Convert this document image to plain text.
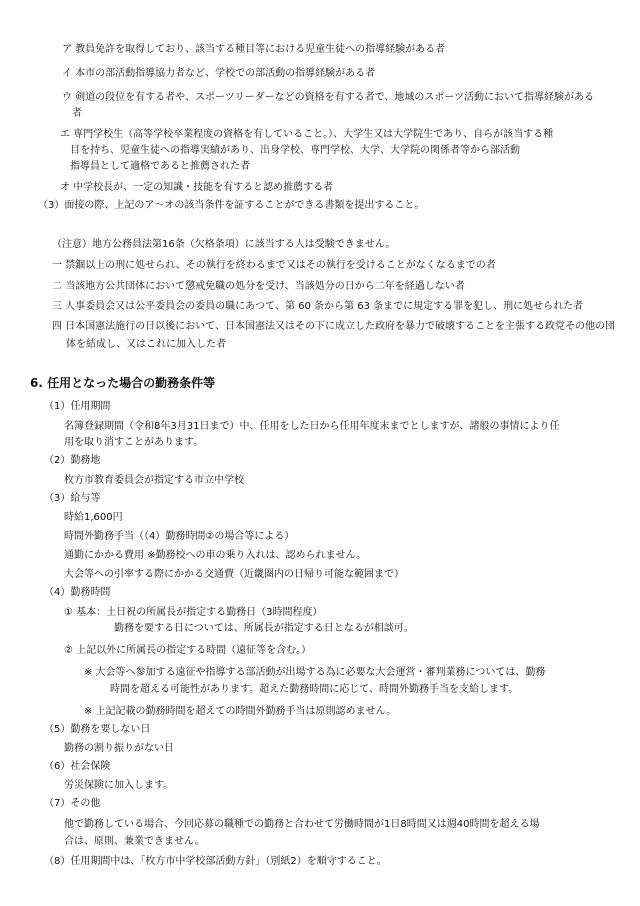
ア 教員免許を取得しており、該当する種目等における児童生徒への指導経験がある者
イ 本市の部活動指導協力者など、学校での部活動の指導経験がある者
ウ 剣道の段位を有する者や、スポーツリーダーなどの資格を有する者で、地域のスポーツ活動において指導経験がある
者
エ 専門学校生（高等学校卒業程度の資格を有していること。）、大学生又は大学院生であり、自らが該当する種
目を持ち、児童生徒への指導実績があり、出身学校、専門学校、大学、大学院の関係者等から部活動
指導員として適格であると推薦された者
オ 中学校長が、一定の知識・技能を有すると認め推薦する者
（3）面接の際、上記のア～オの該当条件を証することができる書類を提出すること。
（注意）地方公務員法第16条（欠格条項）に該当する人は受験できません。
一 禁錮以上の刑に処せられ、その執行を終わるまで又はその執行を受けることがなくなるまでの者
二 当該地方公共団体において懲戒免職の処分を受け、当該処分の日から二年を経過しない者
三 人事委員会又は公平委員会の委員の職にあつて、第 60 条から第 63 条までに規定する罪を犯し、刑に処せられた者
四 日本国憲法施行の日以後において、日本国憲法又はその下に成立した政府を暴力で破壊することを主張する政党その他の団
体を結成し、又はこれに加入した者
6. 任用となった場合の勤務条件等
（1）任用期間
名簿登録期間（令和8年3月31日まで）中、任用をした日から任用年度末までとしますが、諸般の事情により任
用を取り消すことがあります。
（2）勤務地
枚方市教育委員会が指定する市立中学校
（3）給与等
時給1,600円
時間外勤務手当（（4）勤務時間②の場合等による）
通勤にかかる費用 ※勤務校への車の乗り入れは、認められません。
大会等への引率する際にかかる交通費（近畿圏内の日帰り可能な範囲まで）
（4）勤務時間
① 基本：土日祝の所属長が指定する勤務日（3時間程度）
勤務を要する日については、所属長が指定する日となるが相談可。
② 上記以外に所属長の指定する時間（遠征等を含む。）
※ 大会等へ参加する遠征や指導する部活動が出場する為に必要な大会運営・審判業務については、勤務
時間を超える可能性があります。超えた勤務時間に応じて、時間外勤務手当を支給します。
※ 上記記載の勤務時間を超えての時間外勤務手当は原則認めません。
（5）勤務を要しない日
勤務の割り振りがない日
（6）社会保険
労災保険に加入します。
（7）その他
他で勤務している場合、今回応募の職種での勤務と合わせて労働時間が1日8時間又は週40時間を超える場
合は、原則、兼業できません。
（8）任用期間中は、「枚方市中学校部活動方針」（別紙2）を順守すること。
